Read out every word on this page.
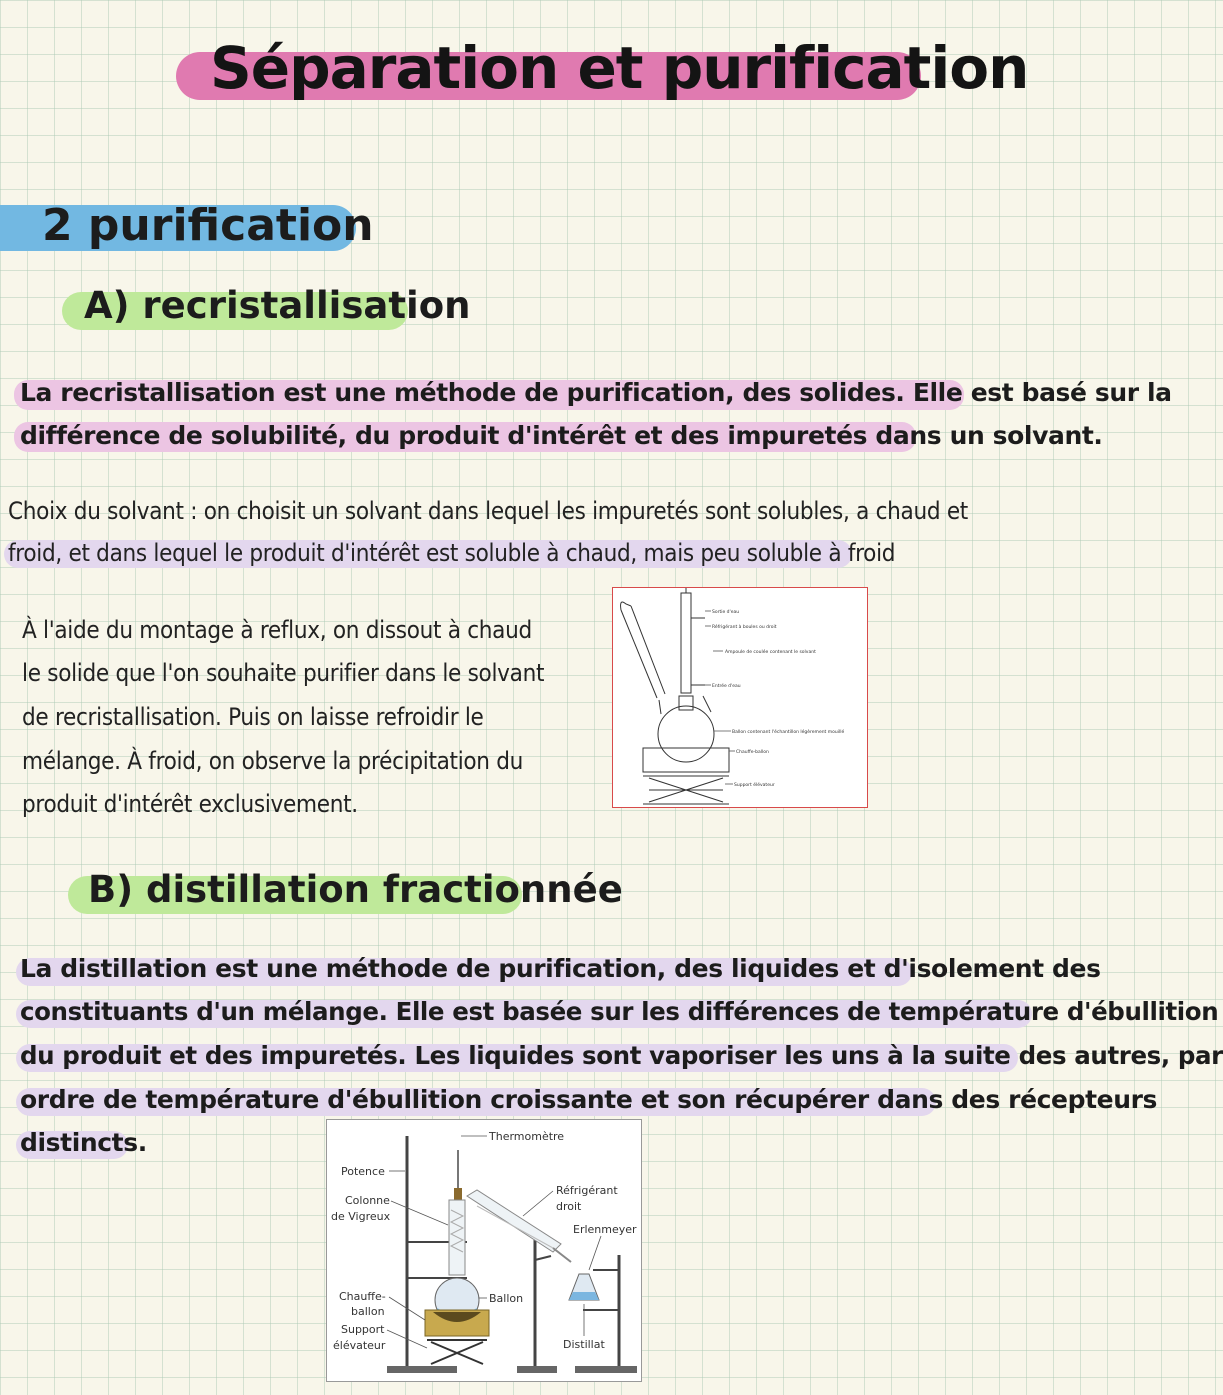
Séparation et purification
2 purification
A) recristallisation
La recristallisation est une méthode de purification, des solides. Elle est basé sur la
différence de solubilité, du produit d'intérêt et des impuretés dans un solvant.
Choix du solvant : on choisit un solvant dans lequel les impuretés sont solubles, a chaud et
froid, et dans lequel le produit d'intérêt est soluble à chaud, mais peu soluble à froid
À l'aide du montage à reflux, on dissout à chaud
le solide que l'on souhaite purifier dans le solvant
de recristallisation. Puis on laisse refroidir le
mélange. À froid, on observe la précipitation du
produit d'intérêt exclusivement.
Sortie d'eau
Réfrigérant à boules ou droit
Ampoule de coulée contenant le solvant
Entrée d'eau
Ballon contenant l'échantillon légèrement mouillé
Chauffe-ballon
Support élévateur
B) distillation fractionnée
La distillation est une méthode de purification, des liquides et d'isolement des
constituants d'un mélange. Elle est basée sur les différences de température d'ébullition
du produit et des impuretés. Les liquides sont vaporiser les uns à la suite des autres, par
ordre de température d'ébullition croissante et son récupérer dans des récepteurs
distincts.	Thermomètre
Potence
Colonne
de Vigreux
Réfrigérant
droit
Erlenmeyer
Chauffe-
ballon
Ballon
Support
élévateur	Distillat
